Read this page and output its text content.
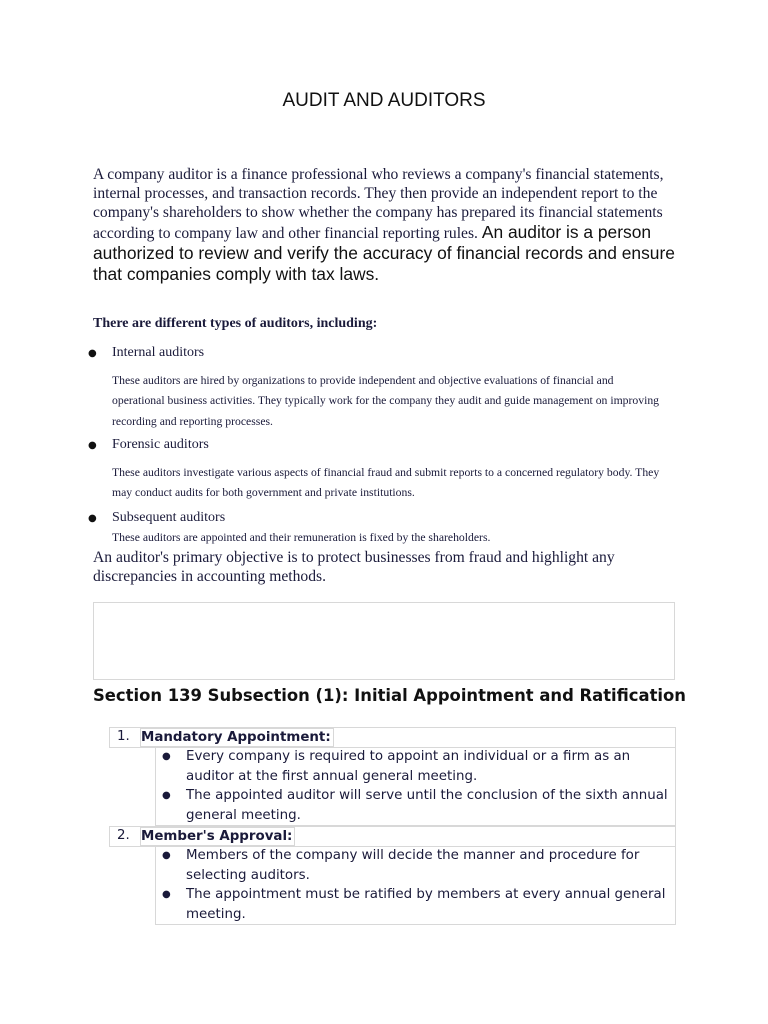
AUDIT AND AUDITORS

A company auditor is a finance professional who reviews a company's financial statements, internal processes, and transaction records. They then provide an independent report to the company's shareholders to show whether the company has prepared its financial statements according to company law and other financial reporting rules. An auditor is a person authorized to review and verify the accuracy of financial records and ensure that companies comply with tax laws.

There are different types of auditors, including:

● Internal auditors

These auditors are hired by organizations to provide independent and objective evaluations of financial and operational business activities. They typically work for the company they audit and guide management on improving recording and reporting processes.

● Forensic auditors

These auditors investigate various aspects of financial fraud and submit reports to a concerned regulatory body. They may conduct audits for both government and private institutions.

● Subsequent auditors

These auditors are appointed and their remuneration is fixed by the shareholders.

An auditor's primary objective is to protect businesses from fraud and highlight any discrepancies in accounting methods.

Section 139 Subsection (1): Initial Appointment and Ratification
1. Mandatory Appointment:
● Every company is required to appoint an individual or a firm as an auditor at the first annual general meeting.
● The appointed auditor will serve until the conclusion of the sixth annual general meeting.
2. Member's Approval:
● Members of the company will decide the manner and procedure for selecting auditors.
● The appointment must be ratified by members at every annual general meeting.
